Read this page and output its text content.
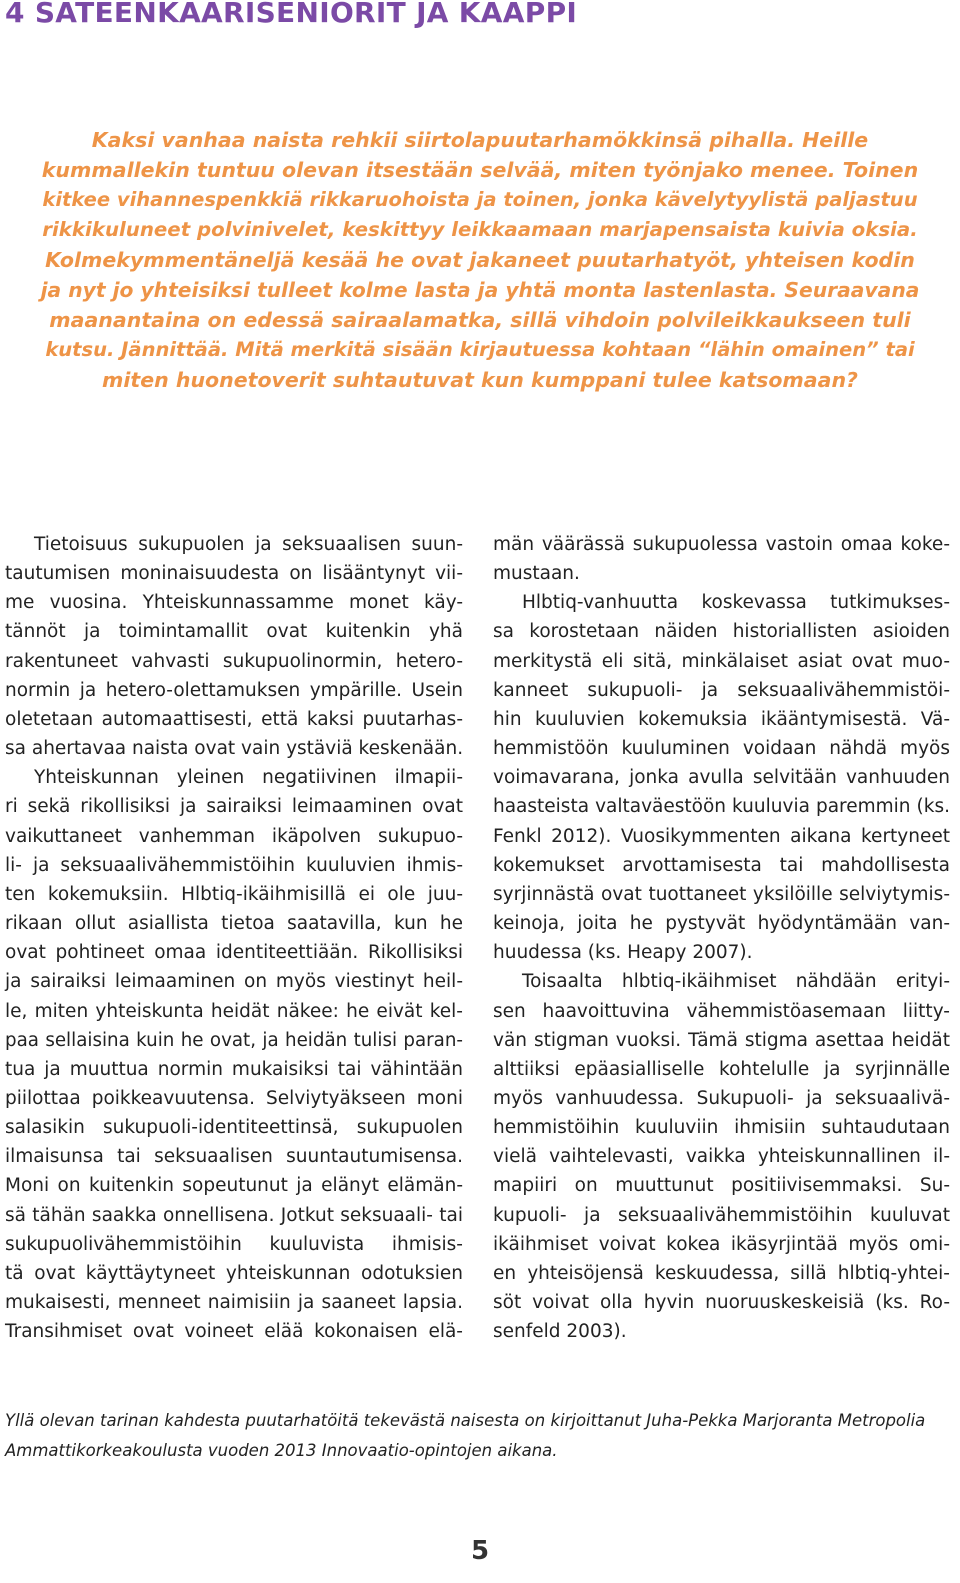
4 SATEENKAARISENIORIT JA KAAPPI
Kaksi vanhaa naista rehkii siirtolapuutarhamökkinsä pihalla. Heille
kummallekin tuntuu olevan itsestään selvää, miten työnjako menee. Toinen
kitkee vihannespenkkiä rikkaruohoista ja toinen, jonka kävelytyylistä paljastuu
rikkikuluneet polvinivelet, keskittyy leikkaamaan marjapensaista kuivia oksia.
Kolmekymmentäneljä kesää he ovat jakaneet puutarhatyöt, yhteisen kodin
ja nyt jo yhteisiksi tulleet kolme lasta ja yhtä monta lastenlasta. Seuraavana
maanantaina on edessä sairaalamatka, sillä vihdoin polvileikkaukseen tuli
kutsu. Jännittää. Mitä merkitä sisään kirjautuessa kohtaan “lähin omainen” tai
miten huonetoverit suhtautuvat kun kumppani tulee katsomaan?
Tietoisuus sukupuolen ja seksuaalisen suun-
tautumisen moninaisuudesta on lisääntynyt vii-
me vuosina. Yhteiskunnassamme monet käy-
tännöt ja toimintamallit ovat kuitenkin yhä
rakentuneet vahvasti sukupuolinormin, hetero-
normin ja hetero-olettamuksen ympärille. Usein
oletetaan automaattisesti, että kaksi puutarhas-
sa ahertavaa naista ovat vain ystäviä keskenään.
Yhteiskunnan yleinen negatiivinen ilmapii-
ri sekä rikollisiksi ja sairaiksi leimaaminen ovat
vaikuttaneet vanhemman ikäpolven sukupuo-
li- ja seksuaalivähemmistöihin kuuluvien ihmis-
ten kokemuksiin. Hlbtiq-ikäihmisillä ei ole juu-
rikaan ollut asiallista tietoa saatavilla, kun he
ovat pohtineet omaa identiteettiään. Rikollisiksi
ja sairaiksi leimaaminen on myös viestinyt heil-
le, miten yhteiskunta heidät näkee: he eivät kel-
paa sellaisina kuin he ovat, ja heidän tulisi paran-
tua ja muuttua normin mukaisiksi tai vähintään
piilottaa poikkeavuutensa. Selviytyäkseen moni
salasikin sukupuoli-identiteettinsä, sukupuolen
ilmaisunsa tai seksuaalisen suuntautumisensa.
Moni on kuitenkin sopeutunut ja elänyt elämän-
sä tähän saakka onnellisena. Jotkut seksuaali- tai
sukupuolivähemmistöihin kuuluvista ihmisis-
tä ovat käyttäytyneet yhteiskunnan odotuksien
mukaisesti, menneet naimisiin ja saaneet lapsia.
Transihmiset ovat voineet elää kokonaisen elä-
män väärässä sukupuolessa vastoin omaa koke-
mustaan.
Hlbtiq-vanhuutta koskevassa tutkimukses-
sa korostetaan näiden historiallisten asioiden
merkitystä eli sitä, minkälaiset asiat ovat muo-
kanneet sukupuoli- ja seksuaalivähemmistöi-
hin kuuluvien kokemuksia ikääntymisestä. Vä-
hemmistöön kuuluminen voidaan nähdä myös
voimavarana, jonka avulla selvitään vanhuuden
haasteista valtaväestöön kuuluvia paremmin (ks.
Fenkl 2012). Vuosikymmenten aikana kertyneet
kokemukset arvottamisesta tai mahdollisesta
syrjinnästä ovat tuottaneet yksilöille selviytymis-
keinoja, joita he pystyvät hyödyntämään van-
huudessa (ks. Heapy 2007).
Toisaalta hlbtiq-ikäihmiset nähdään erityi-
sen haavoittuvina vähemmistöasemaan liitty-
vän stigman vuoksi. Tämä stigma asettaa heidät
alttiiksi epäasialliselle kohtelulle ja syrjinnälle
myös vanhuudessa. Sukupuoli- ja seksuaalivä-
hemmistöihin kuuluviin ihmisiin suhtaudutaan
vielä vaihtelevasti, vaikka yhteiskunnallinen il-
mapiiri on muuttunut positiivisemmaksi. Su-
kupuoli- ja seksuaalivähemmistöihin kuuluvat
ikäihmiset voivat kokea ikäsyrjintää myös omi-
en yhteisöjensä keskuudessa, sillä hlbtiq-yhtei-
söt voivat olla hyvin nuoruuskeskeisiä (ks. Ro-
senfeld 2003).
Yllä olevan tarinan kahdesta puutarhatöitä tekevästä naisesta on kirjoittanut Juha-Pekka Marjoranta Metropolia
Ammattikorkeakoulusta vuoden 2013 Innovaatio-opintojen aikana.
5
